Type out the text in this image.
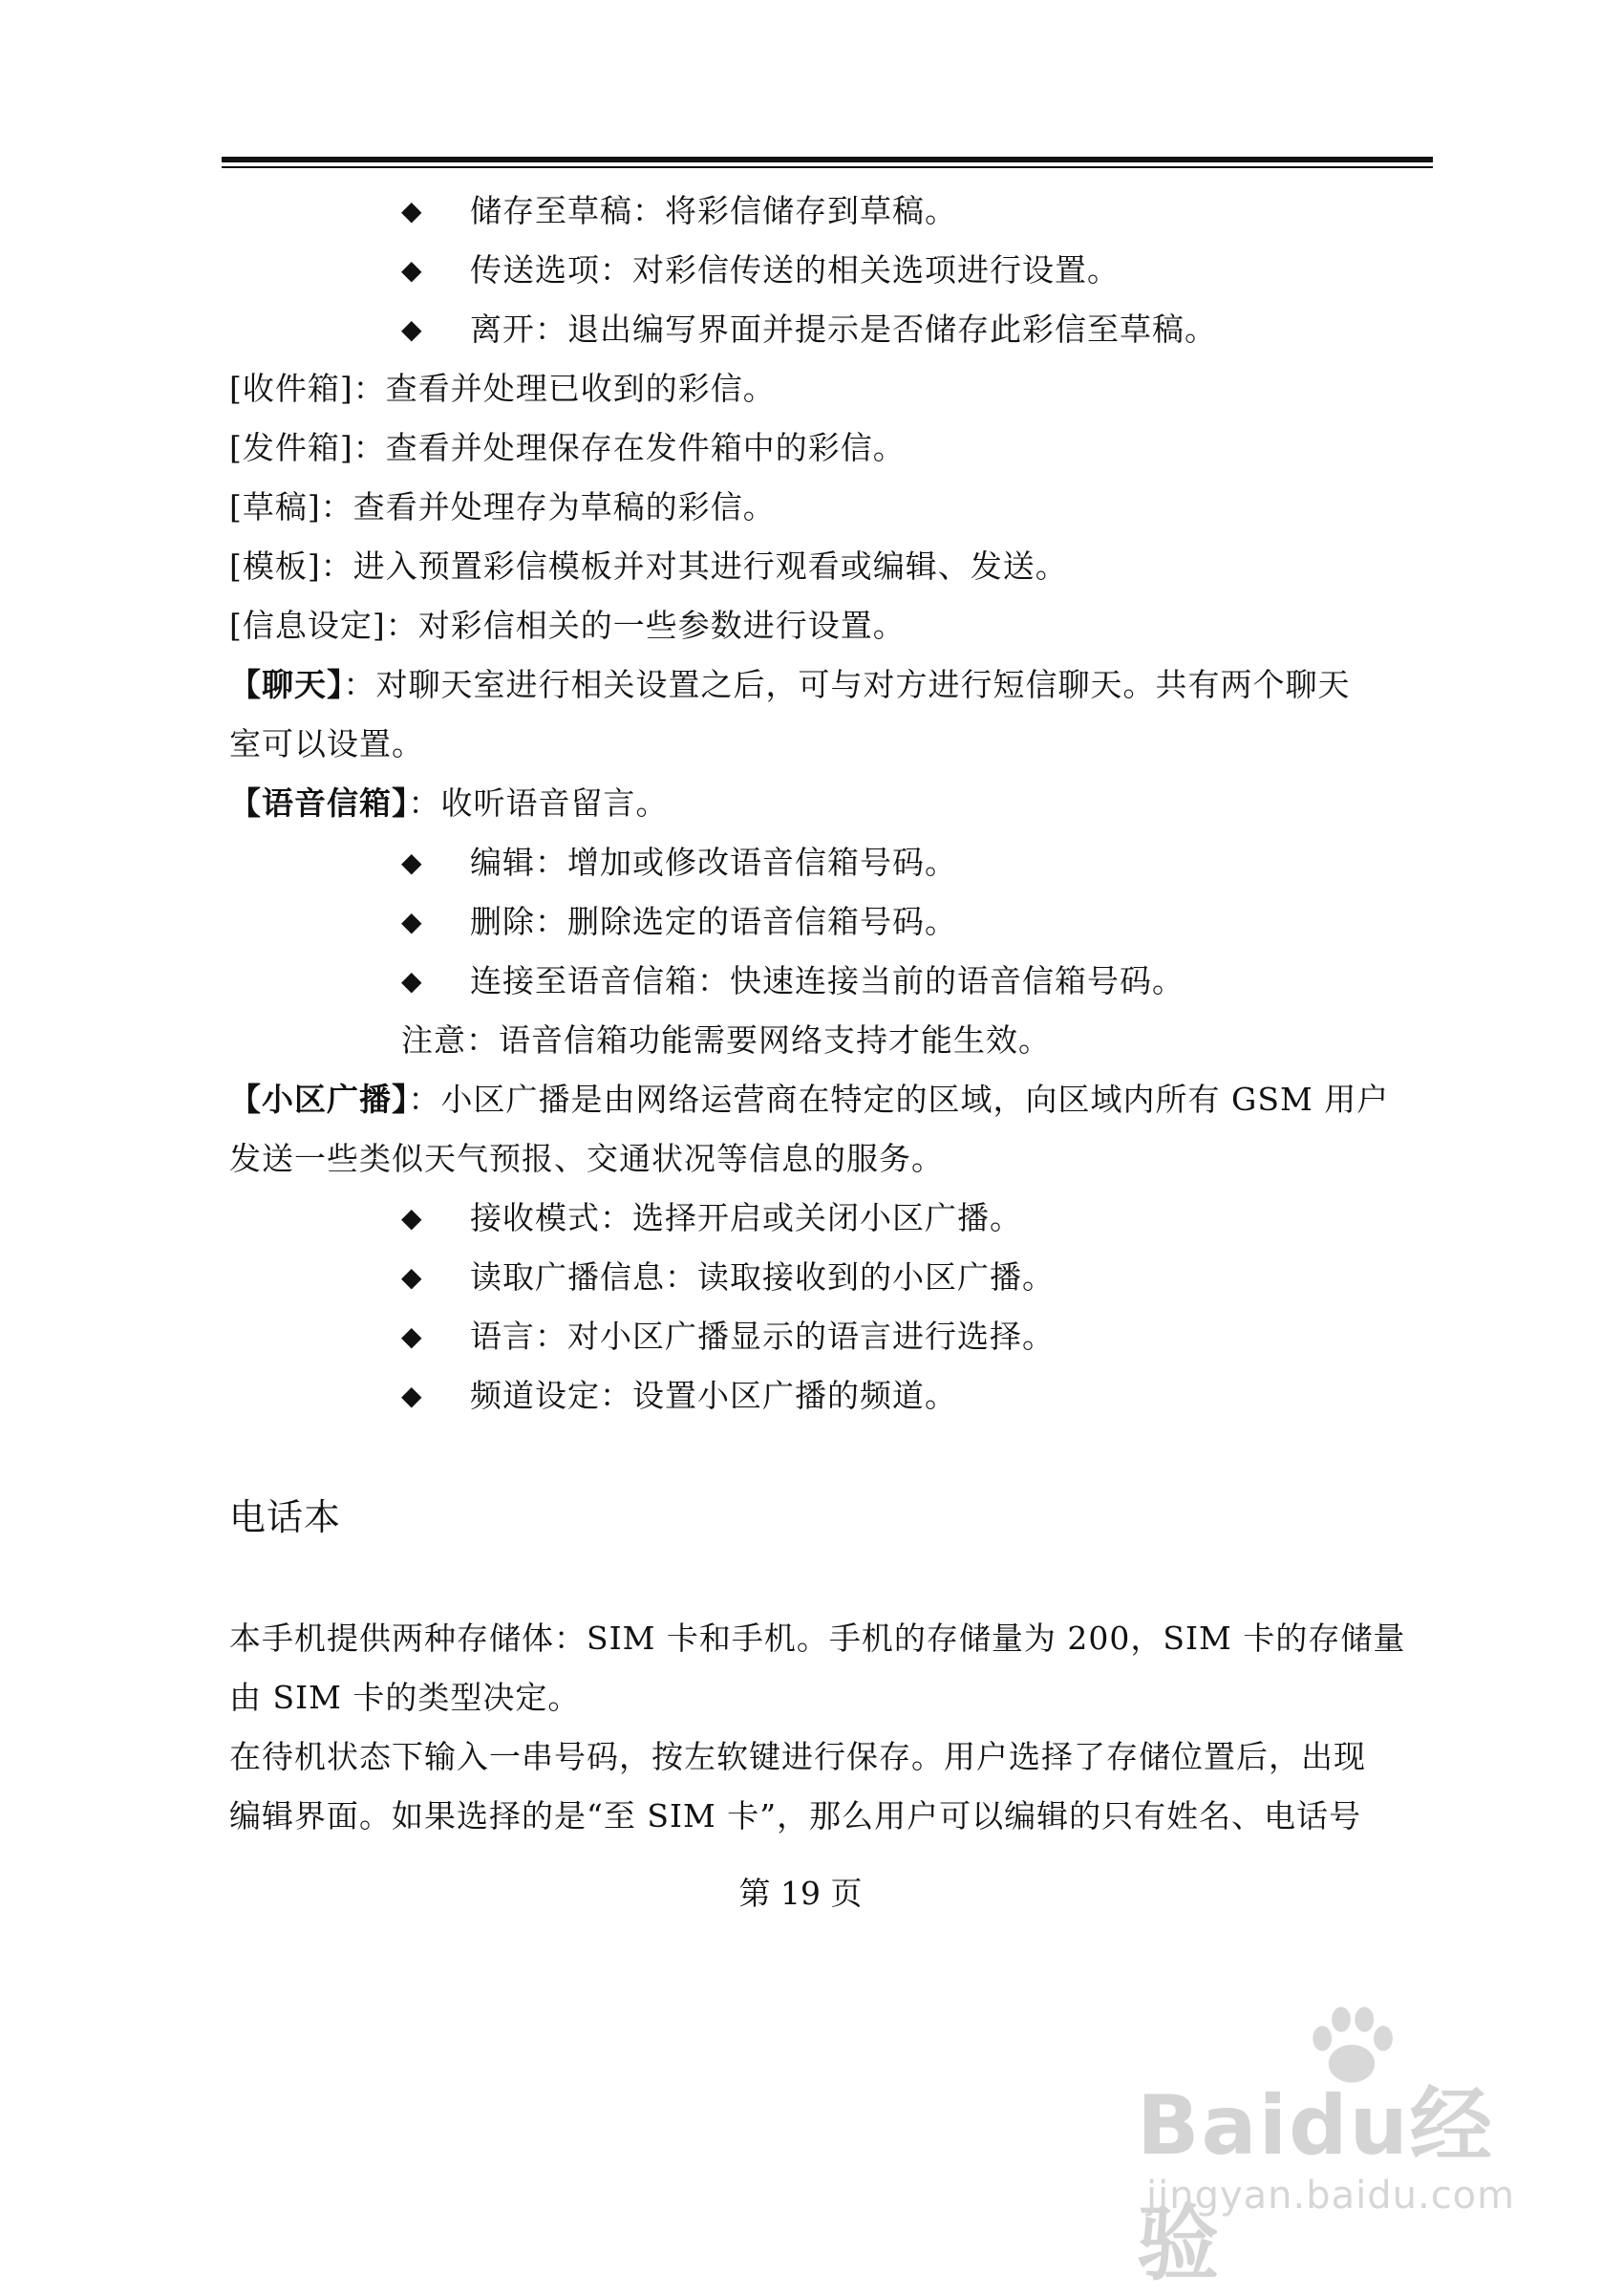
◆	储存至草稿：将彩信储存到草稿。
◆	传送选项：对彩信传送的相关选项进行设置。
◆	离开：退出编写界面并提示是否储存此彩信至草稿。
[收件箱]：查看并处理已收到的彩信。
[发件箱]：查看并处理保存在发件箱中的彩信。
[草稿]：查看并处理存为草稿的彩信。
[模板]：进入预置彩信模板并对其进行观看或编辑、发送。
[信息设定]：对彩信相关的一些参数进行设置。
【聊天】：对聊天室进行相关设置之后，可与对方进行短信聊天。共有两个聊天
室可以设置。
【语音信箱】：收听语音留言。
◆	编辑：增加或修改语音信箱号码。
◆	删除：删除选定的语音信箱号码。
◆	连接至语音信箱：快速连接当前的语音信箱号码。
注意：语音信箱功能需要网络支持才能生效。
【小区广播】：小区广播是由网络运营商在特定的区域，向区域内所有 GSM 用户
发送一些类似天气预报、交通状况等信息的服务。
◆	接收模式：选择开启或关闭小区广播。
◆	读取广播信息：读取接收到的小区广播。
◆	语言：对小区广播显示的语言进行选择。
◆	频道设定：设置小区广播的频道。
电话本
本手机提供两种存储体：SIM 卡和手机。手机的存储量为 200，SIM 卡的存储量
由 SIM 卡的类型决定。
在待机状态下输入一串号码，按左软键进行保存。用户选择了存储位置后，出现
编辑界面。如果选择的是“至 SIM 卡”，那么用户可以编辑的只有姓名、电话号
第 19 页
Baidu经验
jingyan.baidu.com
